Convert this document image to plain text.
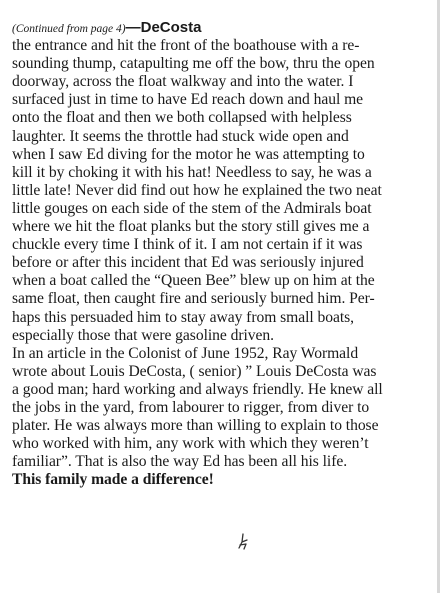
(Continued from page 4)—DeCosta
the entrance and hit the front of the boathouse with a re-
sounding thump, catapulting me off the bow, thru the open
doorway, across the float walkway and into the water. I
surfaced just in time to have Ed reach down and haul me
onto the float and then we both collapsed with helpless
laughter. It seems the throttle had stuck wide open and
when I saw Ed diving for the motor he was attempting to
kill it by choking it with his hat! Needless to say, he was a
little late! Never did find out how he explained the two neat
little gouges on each side of the stem of the Admirals boat
where we hit the float planks but the story still gives me a
chuckle every time I think of it. I am not certain if it was
before or after this incident that Ed was seriously injured
when a boat called the “Queen Bee” blew up on him at the
same float, then caught fire and seriously burned him. Per-
haps this persuaded him to stay away from small boats,
especially those that were gasoline driven.
In an article in the Colonist of June 1952, Ray Wormald
wrote about Louis DeCosta, ( senior) ” Louis DeCosta was
a good man; hard working and always friendly. He knew all
the jobs in the yard, from labourer to rigger, from diver to
plater. He was always more than willing to explain to those
who worked with him, any work with which they weren’t
familiar”. That is also the way Ed has been all his life.
This family made a difference!
